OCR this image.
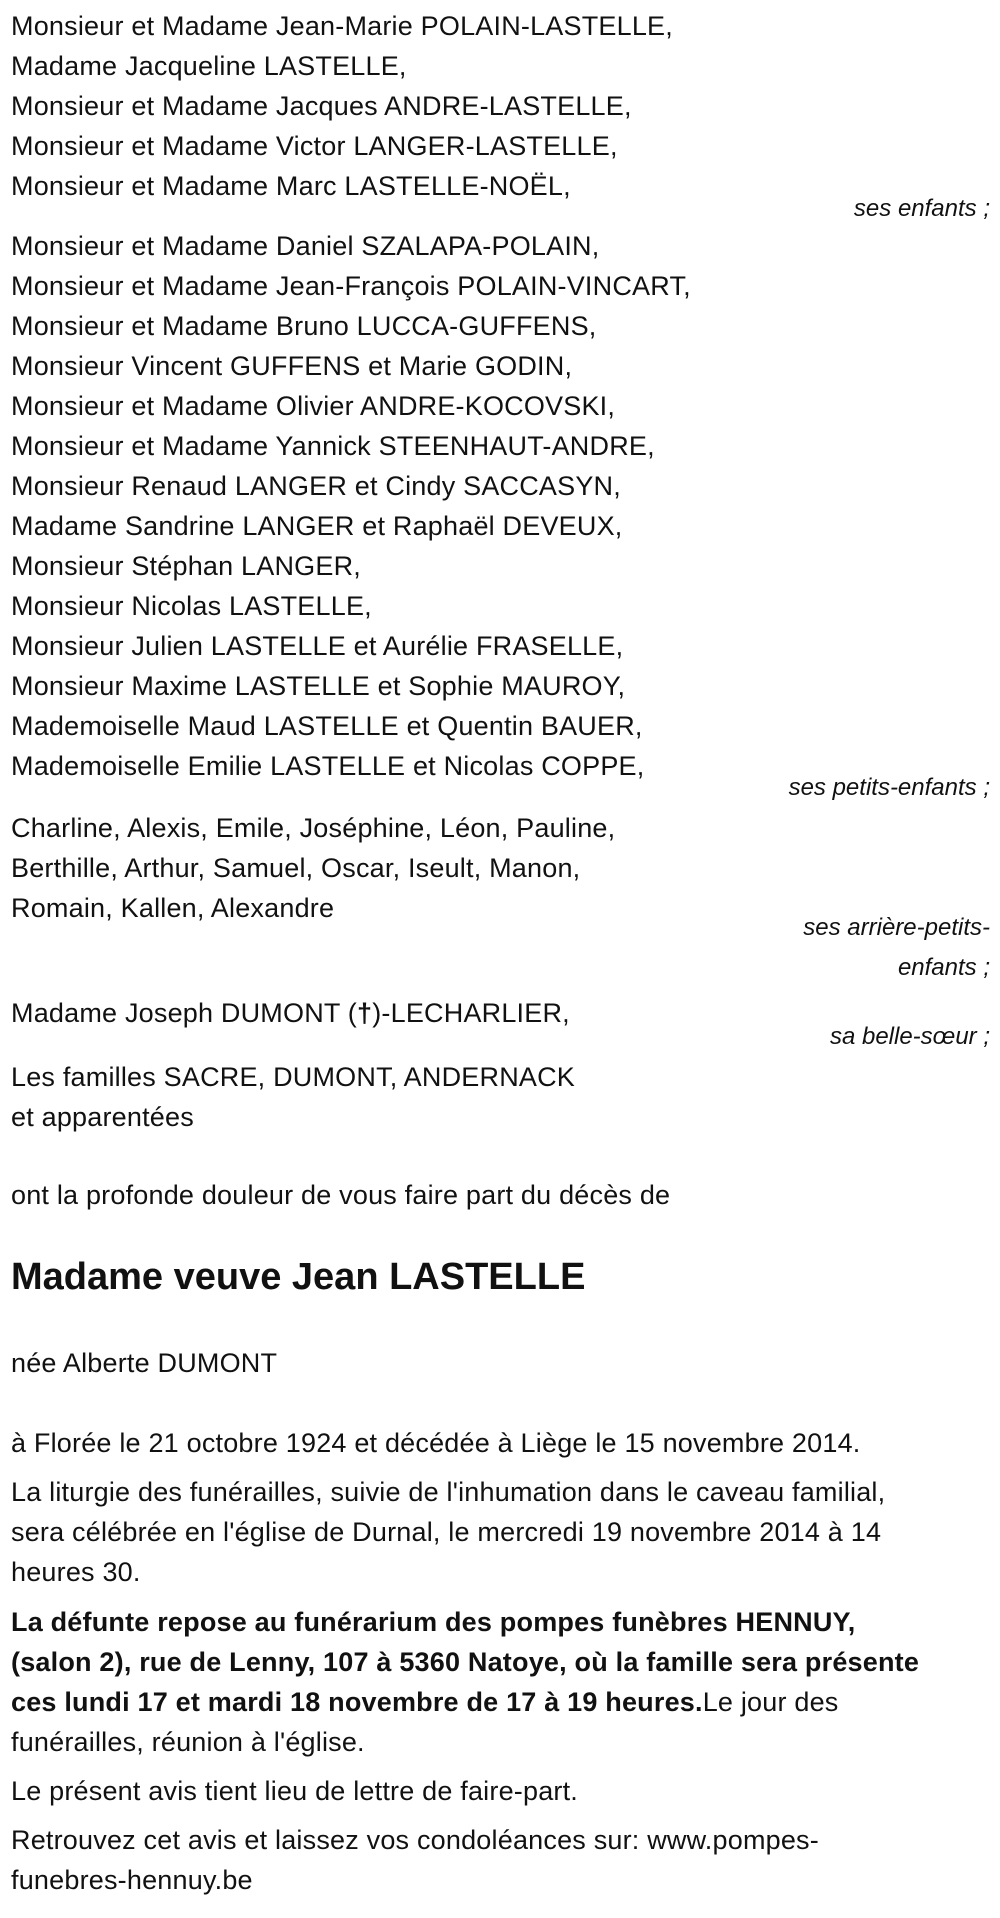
Monsieur et Madame Jean-Marie POLAIN-LASTELLE,
Madame Jacqueline LASTELLE,
Monsieur et Madame Jacques ANDRE-LASTELLE,
Monsieur et Madame Victor LANGER-LASTELLE,
Monsieur et Madame Marc LASTELLE-NOËL,
ses enfants ;
Monsieur et Madame Daniel SZALAPA-POLAIN,
Monsieur et Madame Jean-François POLAIN-VINCART,
Monsieur et Madame Bruno LUCCA-GUFFENS,
Monsieur Vincent GUFFENS et Marie GODIN,
Monsieur et Madame Olivier ANDRE-KOCOVSKI,
Monsieur et Madame Yannick STEENHAUT-ANDRE,
Monsieur Renaud LANGER et Cindy SACCASYN,
Madame Sandrine LANGER et Raphaël DEVEUX,
Monsieur Stéphan LANGER,
Monsieur Nicolas LASTELLE,
Monsieur Julien LASTELLE et Aurélie FRASELLE,
Monsieur Maxime LASTELLE et Sophie MAUROY,
Mademoiselle Maud LASTELLE et Quentin BAUER,
Mademoiselle Emilie LASTELLE et Nicolas COPPE,
ses petits-enfants ;
Charline, Alexis, Emile, Joséphine, Léon, Pauline,
Berthille, Arthur, Samuel, Oscar, Iseult, Manon,
Romain, Kallen, Alexandre
ses arrière-petits-
enfants ;
Madame Joseph DUMONT (†)-LECHARLIER,
sa belle-sœur ;
Les familles SACRE, DUMONT, ANDERNACK
et apparentées
ont la profonde douleur de vous faire part du décès de
Madame veuve Jean LASTELLE
née Alberte DUMONT
à Florée le 21 octobre 1924 et décédée à Liège le 15 novembre 2014.
La liturgie des funérailles, suivie de l'inhumation dans le caveau familial,
sera célébrée en l'église de Durnal, le mercredi 19 novembre 2014 à 14
heures 30.
La défunte repose au funérarium des pompes funèbres HENNUY,
(salon 2), rue de Lenny, 107 à 5360 Natoye, où la famille sera présente
ces lundi 17 et mardi 18 novembre de 17 à 19 heures.Le jour des
funérailles, réunion à l'église.
Le présent avis tient lieu de lettre de faire-part.
Retrouvez cet avis et laissez vos condoléances sur: www.pompes-
funebres-hennuy.be
